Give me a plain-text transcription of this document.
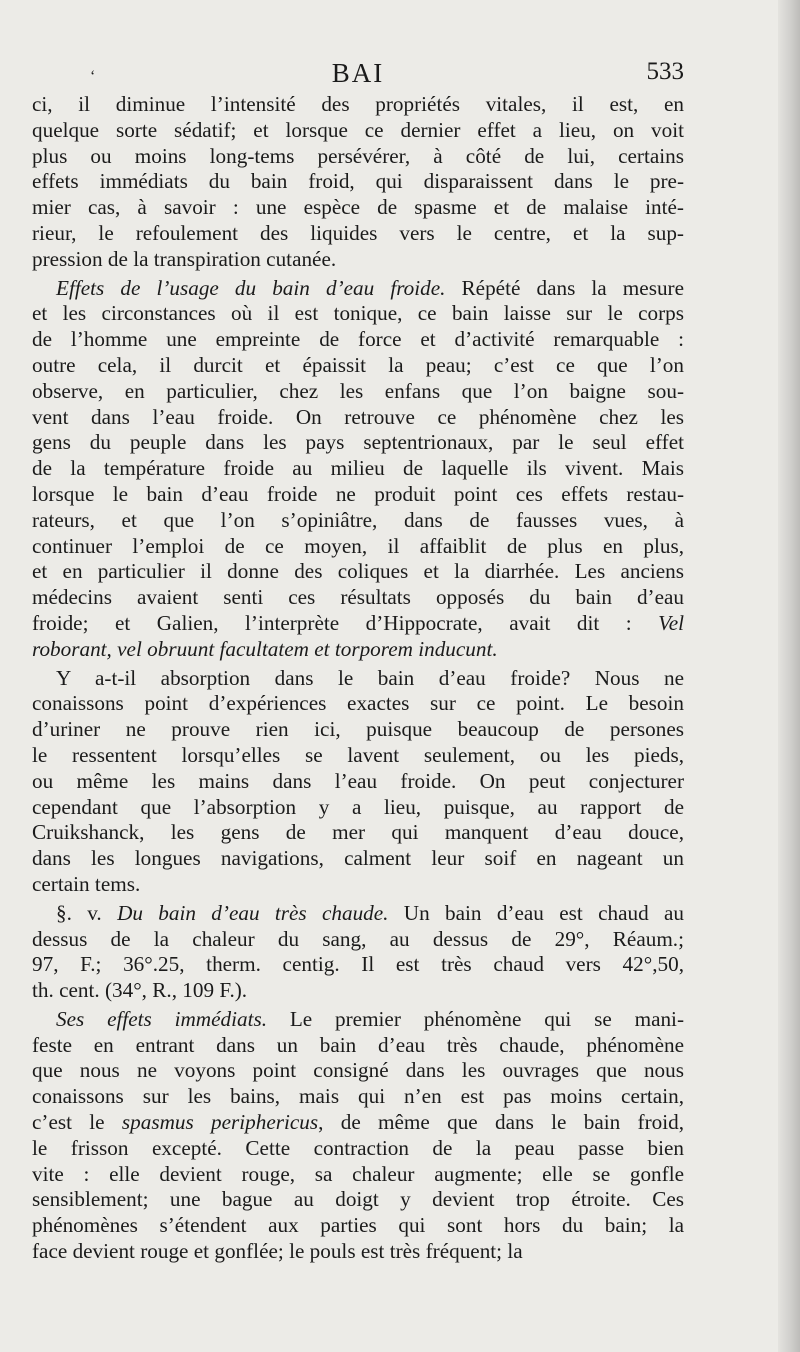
‘	BAI	533

ci, il diminue l’intensité des propriétés vitales, il est, en
quelque sorte sédatif; et lorsque ce dernier effet a lieu, on voit
plus ou moins long-tems persévérer, à côté de lui, certains
effets immédiats du bain froid, qui disparaissent dans le pre-
mier cas, à savoir : une espèce de spasme et de malaise inté-
rieur, le refoulement des liquides vers le centre, et la sup-
pression de la transpiration cutanée.

Effets de l’usage du bain d’eau froide. Répété dans la mesure
et les circonstances où il est tonique, ce bain laisse sur le corps
de l’homme une empreinte de force et d’activité remarquable :
outre cela, il durcit et épaissit la peau; c’est ce que l’on
observe, en particulier, chez les enfans que l’on baigne sou-
vent dans l’eau froide. On retrouve ce phénomène chez les
gens du peuple dans les pays septentrionaux, par le seul effet
de la température froide au milieu de laquelle ils vivent. Mais
lorsque le bain d’eau froide ne produit point ces effets restau-
rateurs, et que l’on s’opiniâtre, dans de fausses vues, à
continuer l’emploi de ce moyen, il affaiblit de plus en plus,
et en particulier il donne des coliques et la diarrhée. Les anciens
médecins avaient senti ces résultats opposés du bain d’eau
froide; et Galien, l’interprète d’Hippocrate, avait dit : Vel
roborant, vel obruunt facultatem et torporem inducunt.

Y a-t-il absorption dans le bain d’eau froide? Nous ne
conaissons point d’expériences exactes sur ce point. Le besoin
d’uriner ne prouve rien ici, puisque beaucoup de persones
le ressentent lorsqu’elles se lavent seulement, ou les pieds,
ou même les mains dans l’eau froide. On peut conjecturer
cependant que l’absorption y a lieu, puisque, au rapport de
Cruikshanck, les gens de mer qui manquent d’eau douce,
dans les longues navigations, calment leur soif en nageant un
certain tems.

§. v. Du bain d’eau très chaude. Un bain d’eau est chaud au
dessus de la chaleur du sang, au dessus de 29°, Réaum.;
97, F.; 36°.25, therm. centig. Il est très chaud vers 42°,50,
th. cent. (34°, R., 109 F.).

Ses effets immédiats. Le premier phénomène qui se mani-
feste en entrant dans un bain d’eau très chaude, phénomène
que nous ne voyons point consigné dans les ouvrages que nous
conaissons sur les bains, mais qui n’en est pas moins certain,
c’est le spasmus periphericus, de même que dans le bain froid,
le frisson excepté. Cette contraction de la peau passe bien
vite : elle devient rouge, sa chaleur augmente; elle se gonfle
sensiblement; une bague au doigt y devient trop étroite. Ces
phénomènes s’étendent aux parties qui sont hors du bain; la
face devient rouge et gonflée; le pouls est très fréquent; la
